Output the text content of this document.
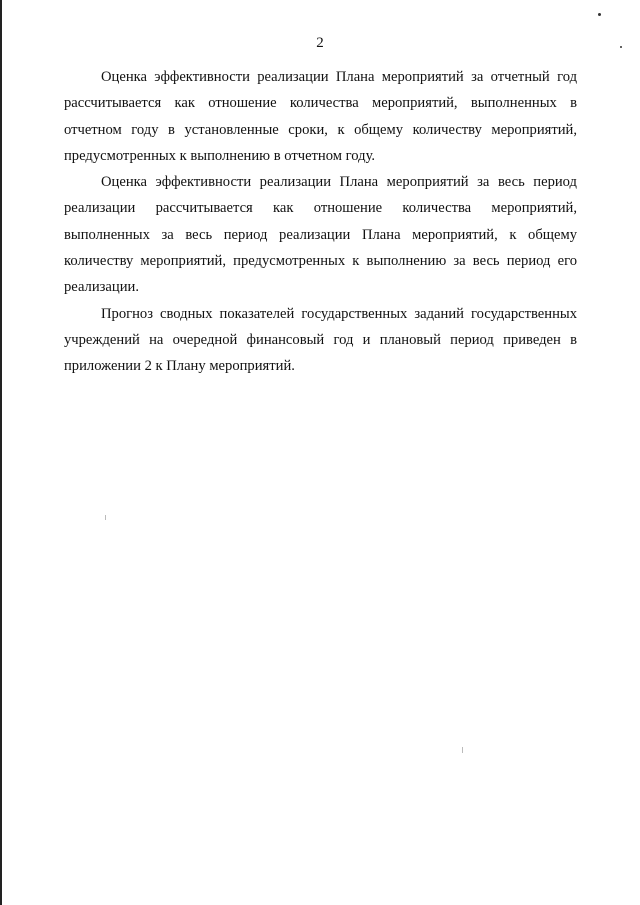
2

Оценка эффективности реализации Плана мероприятий за отчетный год рассчитывается как отношение количества мероприятий, выполненных в отчетном году в установленные сроки, к общему количеству мероприятий, предусмотренных к выполнению в отчетном году.

Оценка эффективности реализации Плана мероприятий за весь период реализации рассчитывается как отношение количества мероприятий, выполненных за весь период реализации Плана мероприятий, к общему количеству мероприятий, предусмотренных к выполнению за весь период его реализации.

Прогноз сводных показателей государственных заданий государственных учреждений на очередной финансовый год и плановый период приведен в приложении 2 к Плану мероприятий.
